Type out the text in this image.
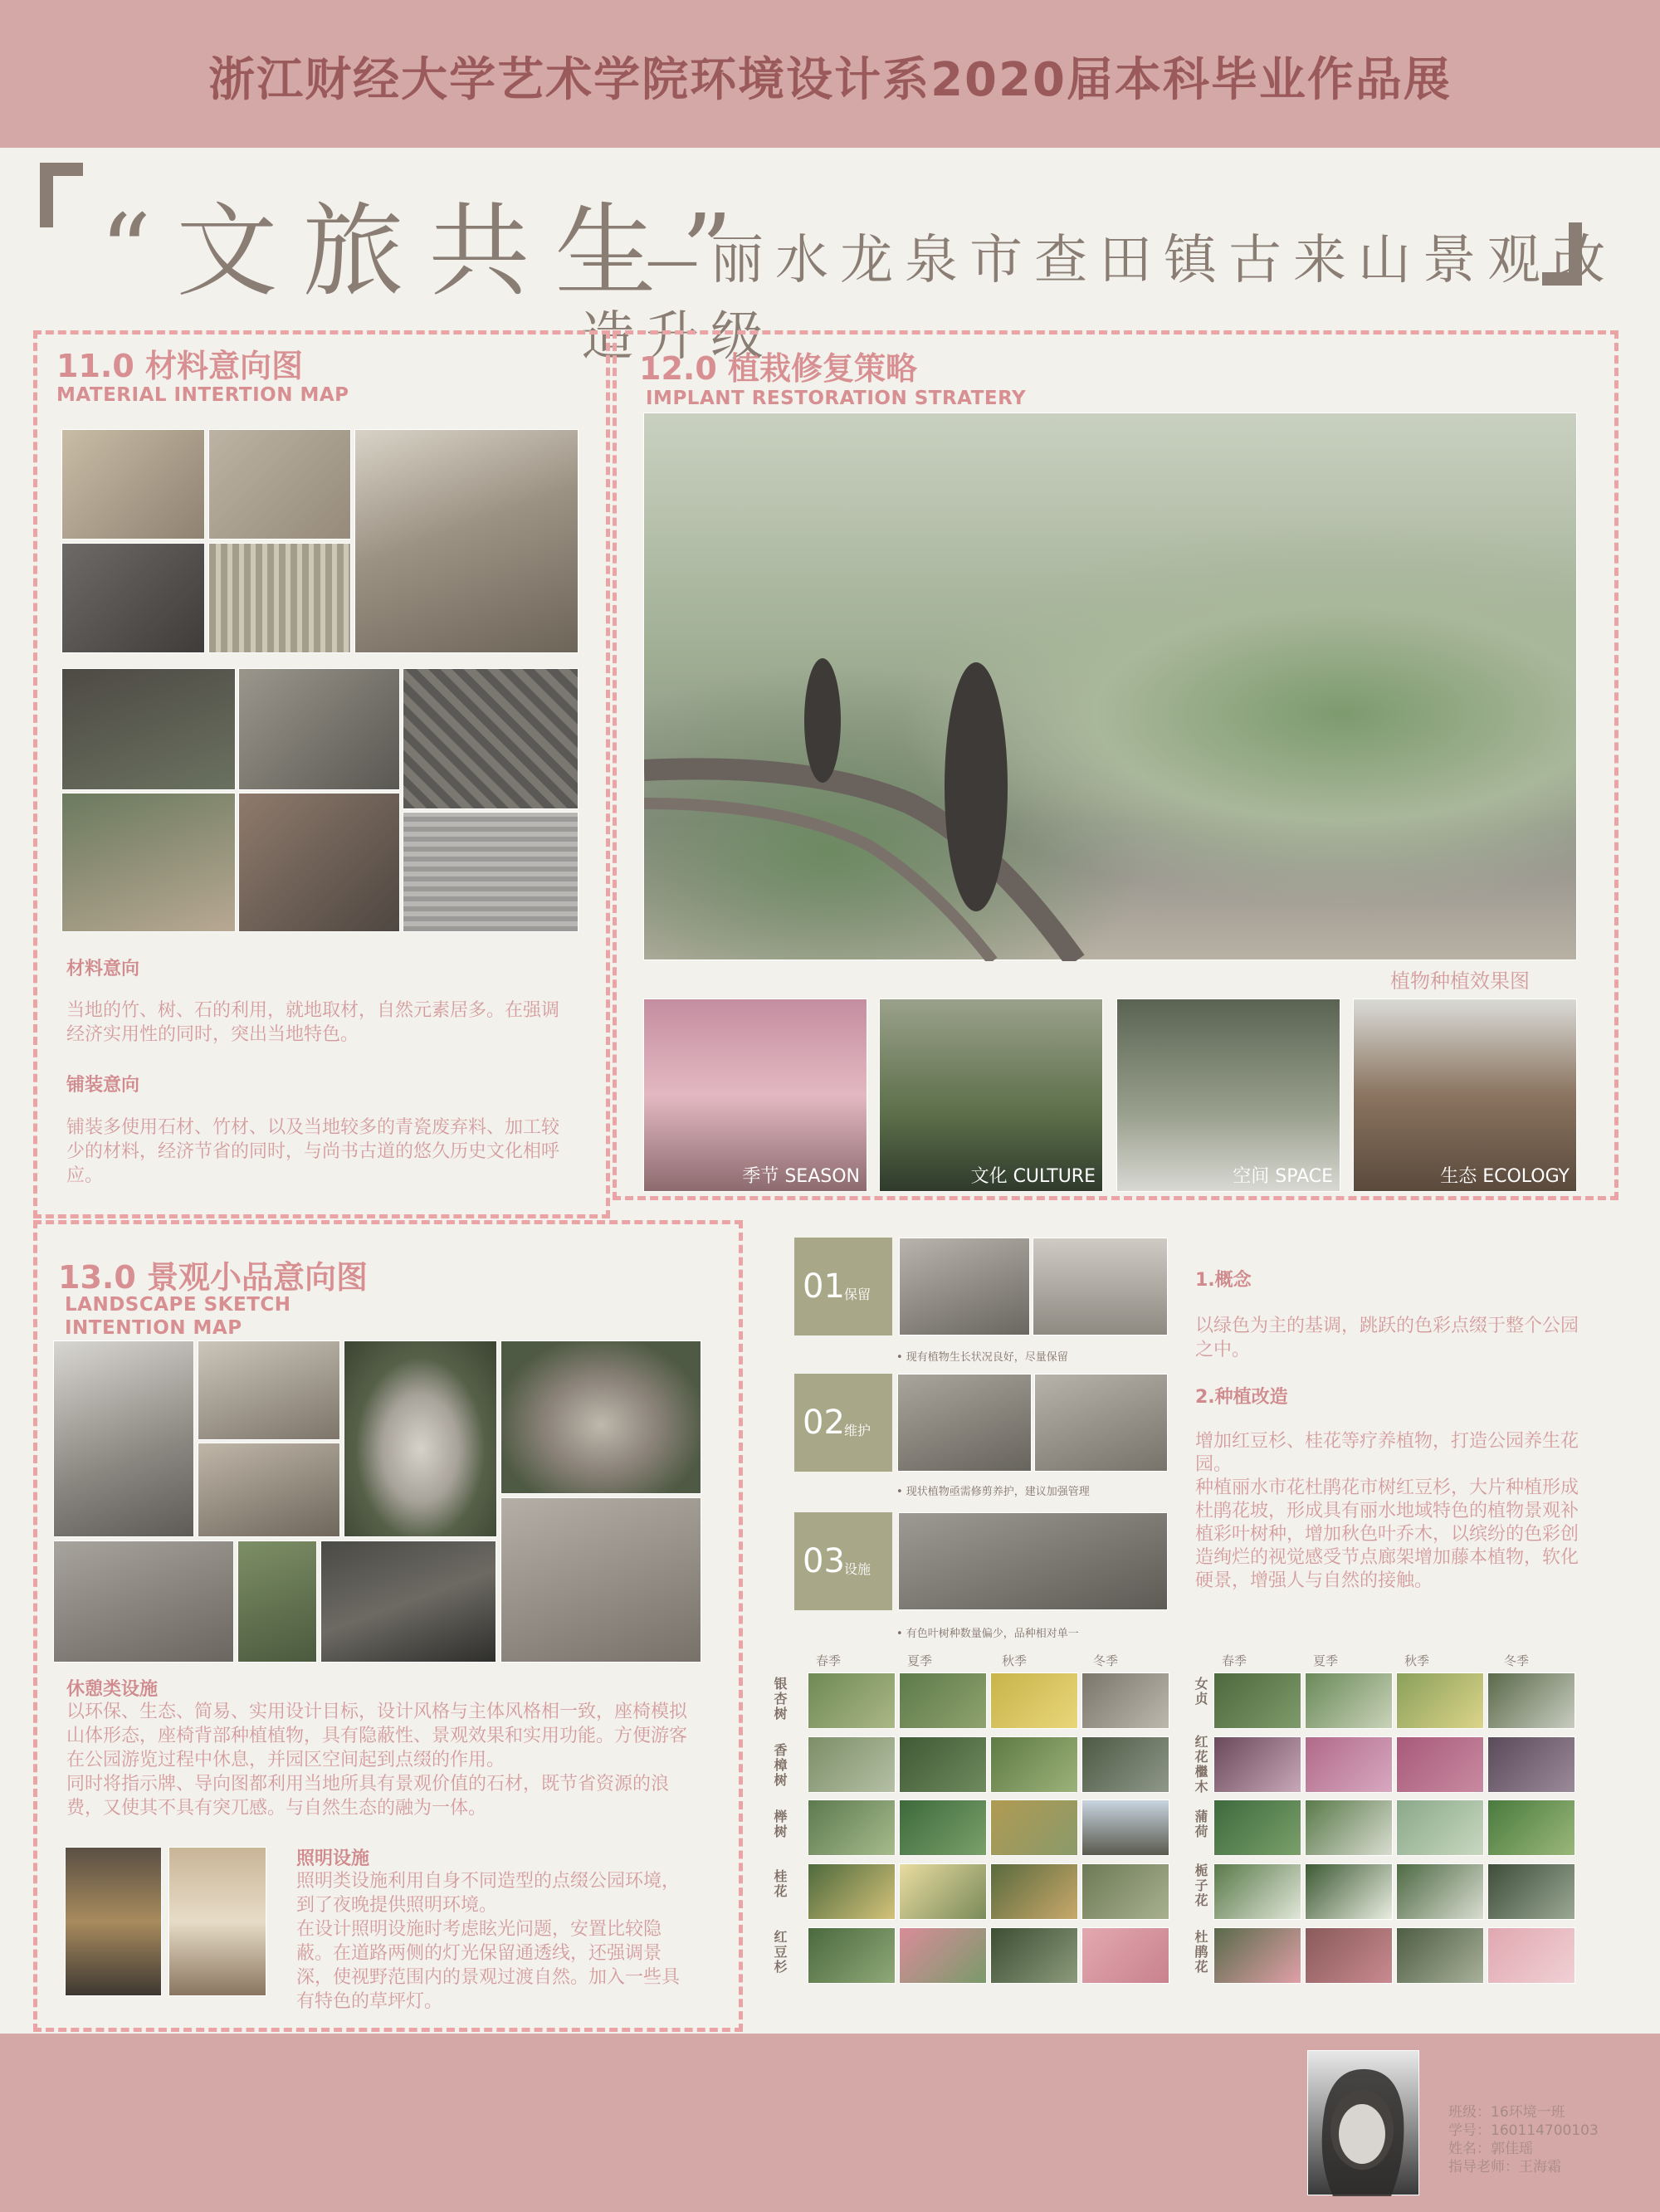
浙江财经大学艺术学院环境设计系2020届本科毕业作品展
“文旅共生”
——丽水龙泉市查田镇古来山景观改造升级
11.0 材料意向图
MATERIAL INTERTION MAP
材料意向
当地的竹、树、石的利用，就地取材，自然元素居多。在强调经济实用性的同时，突出当地特色。
铺装意向
铺装多使用石材、竹材、以及当地较多的青瓷废弃料、加工较少的材料，经济节省的同时，与尚书古道的悠久历史文化相呼应。
12.0 植栽修复策略
IMPLANT RESTORATION STRATERY
植物种植效果图
季节 SEASON	文化 CULTURE	空间 SPACE	生态 ECOLOGY
13.0 景观小品意向图
LANDSCAPE SKETCH INTENTION MAP
休憩类设施
以环保、生态、简易、实用设计目标，设计风格与主体风格相一致，座椅模拟山体形态，座椅背部种植植物，具有隐蔽性、景观效果和实用功能。方便游客在公园游览过程中休息，并园区空间起到点缀的作用。
同时将指示牌、导向图都利用当地所具有景观价值的石材，既节省资源的浪费，又使其不具有突兀感。与自然生态的融为一体。
照明设施
照明类设施利用自身不同造型的点缀公园环境，到了夜晚提供照明环境。
在设计照明设施时考虑眩光问题，安置比较隐蔽。在道路两侧的灯光保留通透线，还强调景深，使视野范围内的景观过渡自然。加入一些具有特色的草坪灯。
01 保留
• 现有植物生长状况良好，尽量保留
02 维护
• 现状植物亟需修剪养护，建议加强管理
03 设施
• 有色叶树种数量偏少，品种相对单一
1.概念
以绿色为主的基调，跳跃的色彩点缀于整个公园之中。
2.种植改造
增加红豆杉、桂花等疗养植物，打造公园养生花园。
种植丽水市花杜鹃花市树红豆杉，大片种植形成杜鹃花坡，形成具有丽水地域特色的植物景观补植彩叶树种，增加秋色叶乔木，以缤纷的色彩创造绚烂的视觉感受节点廊架增加藤本植物，软化硬景，增强人与自然的接触。
春季	夏季	秋季	冬季
银杏树
香樟树
榉树
桂花
红豆杉
春季	夏季	秋季	冬季
女贞
红花檵木
蒲荷
栀子花
杜鹃花
班级：16环境一班
学号：160114700103
姓名：郭佳瑶
指导老师：王海霜
